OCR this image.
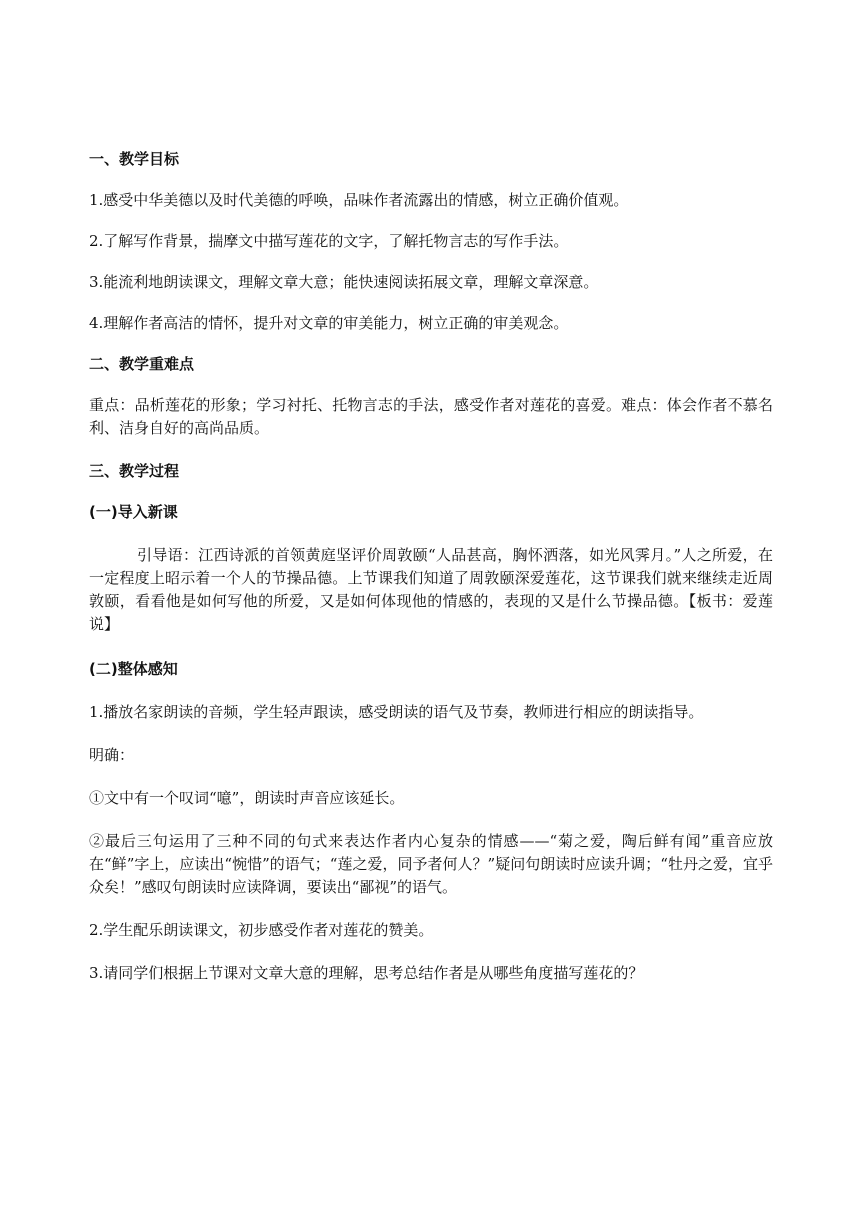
一、教学目标

1.感受中华美德以及时代美德的呼唤，品味作者流露出的情感，树立正确价值观。

2.了解写作背景，揣摩文中描写莲花的文字，了解托物言志的写作手法。

3.能流利地朗读课文，理解文章大意；能快速阅读拓展文章，理解文章深意。

4.理解作者高洁的情怀，提升对文章的审美能力，树立正确的审美观念。

二、教学重难点

重点：品析莲花的形象；学习衬托、托物言志的手法，感受作者对莲花的喜爱。难点：体会作者不慕名利、洁身自好的高尚品质。

三、教学过程

(一)导入新课

引导语：江西诗派的首领黄庭坚评价周敦颐“人品甚高，胸怀洒落，如光风霁月。”人之所爱，在一定程度上昭示着一个人的节操品德。上节课我们知道了周敦颐深爱莲花，这节课我们就来继续走近周敦颐，看看他是如何写他的所爱，又是如何体现他的情感的，表现的又是什么节操品德。【板书：爱莲说】

(二)整体感知

1.播放名家朗读的音频，学生轻声跟读，感受朗读的语气及节奏，教师进行相应的朗读指导。

明确：

①文中有一个叹词“噫”，朗读时声音应该延长。

②最后三句运用了三种不同的句式来表达作者内心复杂的情感——“菊之爱，陶后鲜有闻”重音应放在“鲜”字上，应读出“惋惜”的语气；“莲之爱，同予者何人？”疑问句朗读时应读升调；“牡丹之爱，宜乎众矣！”感叹句朗读时应读降调，要读出“鄙视”的语气。

2.学生配乐朗读课文，初步感受作者对莲花的赞美。

3.请同学们根据上节课对文章大意的理解，思考总结作者是从哪些角度描写莲花的？
